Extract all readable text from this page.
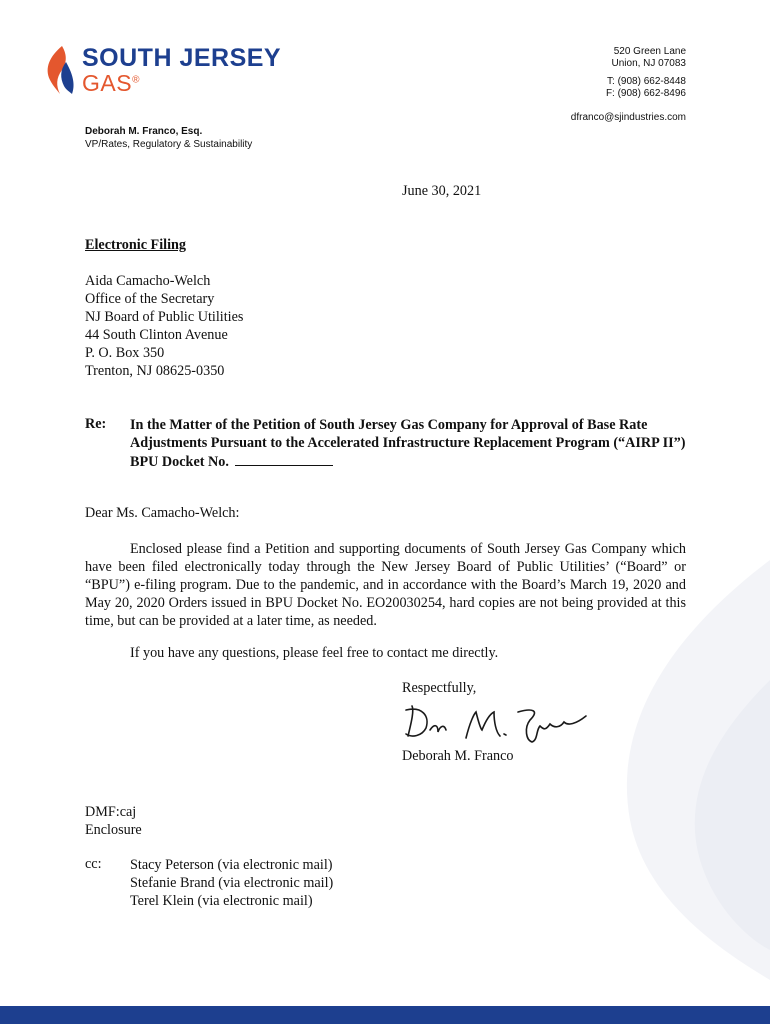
SOUTH JERSEY
GAS®
520 Green Lane
Union, NJ 07083
T: (908) 662-8448
F: (908) 662-8496
dfranco@sjindustries.com
Deborah M. Franco, Esq.
VP/Rates, Regulatory & Sustainability
June 30, 2021
Electronic Filing
Aida Camacho-Welch
Office of the Secretary
NJ Board of Public Utilities
44 South Clinton Avenue
P. O. Box 350
Trenton, NJ 08625-0350
Re: In the Matter of the Petition of South Jersey Gas Company for Approval of Base Rate Adjustments Pursuant to the Accelerated Infrastructure Replacement Program (“AIRP II”)
BPU Docket No.
Dear Ms. Camacho-Welch:
Enclosed please find a Petition and supporting documents of South Jersey Gas Company which have been filed electronically today through the New Jersey Board of Public Utilities’ (“Board” or “BPU”) e-filing program. Due to the pandemic, and in accordance with the Board’s March 19, 2020 and May 20, 2020 Orders issued in BPU Docket No. EO20030254, hard copies are not being provided at this time, but can be provided at a later time, as needed.
If you have any questions, please feel free to contact me directly.
Respectfully,
Deborah M. Franco
DMF:caj
Enclosure
cc: Stacy Peterson (via electronic mail)
Stefanie Brand (via electronic mail)
Terel Klein (via electronic mail)
